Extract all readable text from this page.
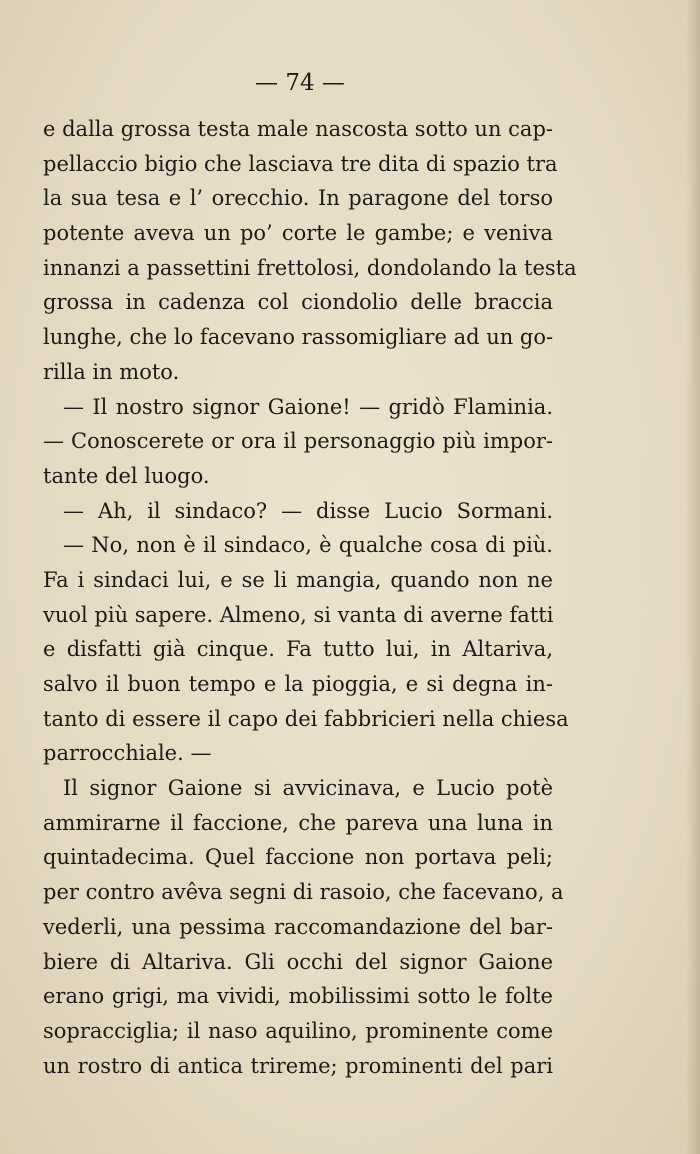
— 74 —
e dalla grossa testa male nascosta sotto un cap-
pellaccio bigio che lasciava tre dita di spazio tra
la sua tesa e l’ orecchio. In paragone del torso
potente aveva un po’ corte le gambe; e veniva
innanzi a passettini frettolosi, dondolando la testa
grossa in cadenza col ciondolio delle braccia
lunghe, che lo facevano rassomigliare ad un go-
rilla in moto.
— Il nostro signor Gaione! — gridò Flaminia.
— Conoscerete or ora il personaggio più impor-
tante del luogo.
— Ah, il sindaco? — disse Lucio Sormani.
— No, non è il sindaco, è qualche cosa di più.
Fa i sindaci lui, e se li mangia, quando non ne
vuol più sapere. Almeno, si vanta di averne fatti
e disfatti già cinque. Fa tutto lui, in Altariva,
salvo il buon tempo e la pioggia, e si degna in-
tanto di essere il capo dei fabbricieri nella chiesa
parrocchiale. —
Il signor Gaione si avvicinava, e Lucio potè
ammirarne il faccione, che pareva una luna in
quintadecima. Quel faccione non portava peli;
per contro avêva segni di rasoio, che facevano, a
vederli, una pessima raccomandazione del bar-
biere di Altariva. Gli occhi del signor Gaione
erano grigi, ma vividi, mobilissimi sotto le folte
sopracciglia; il naso aquilino, prominente come
un rostro di antica trireme; prominenti del pari
